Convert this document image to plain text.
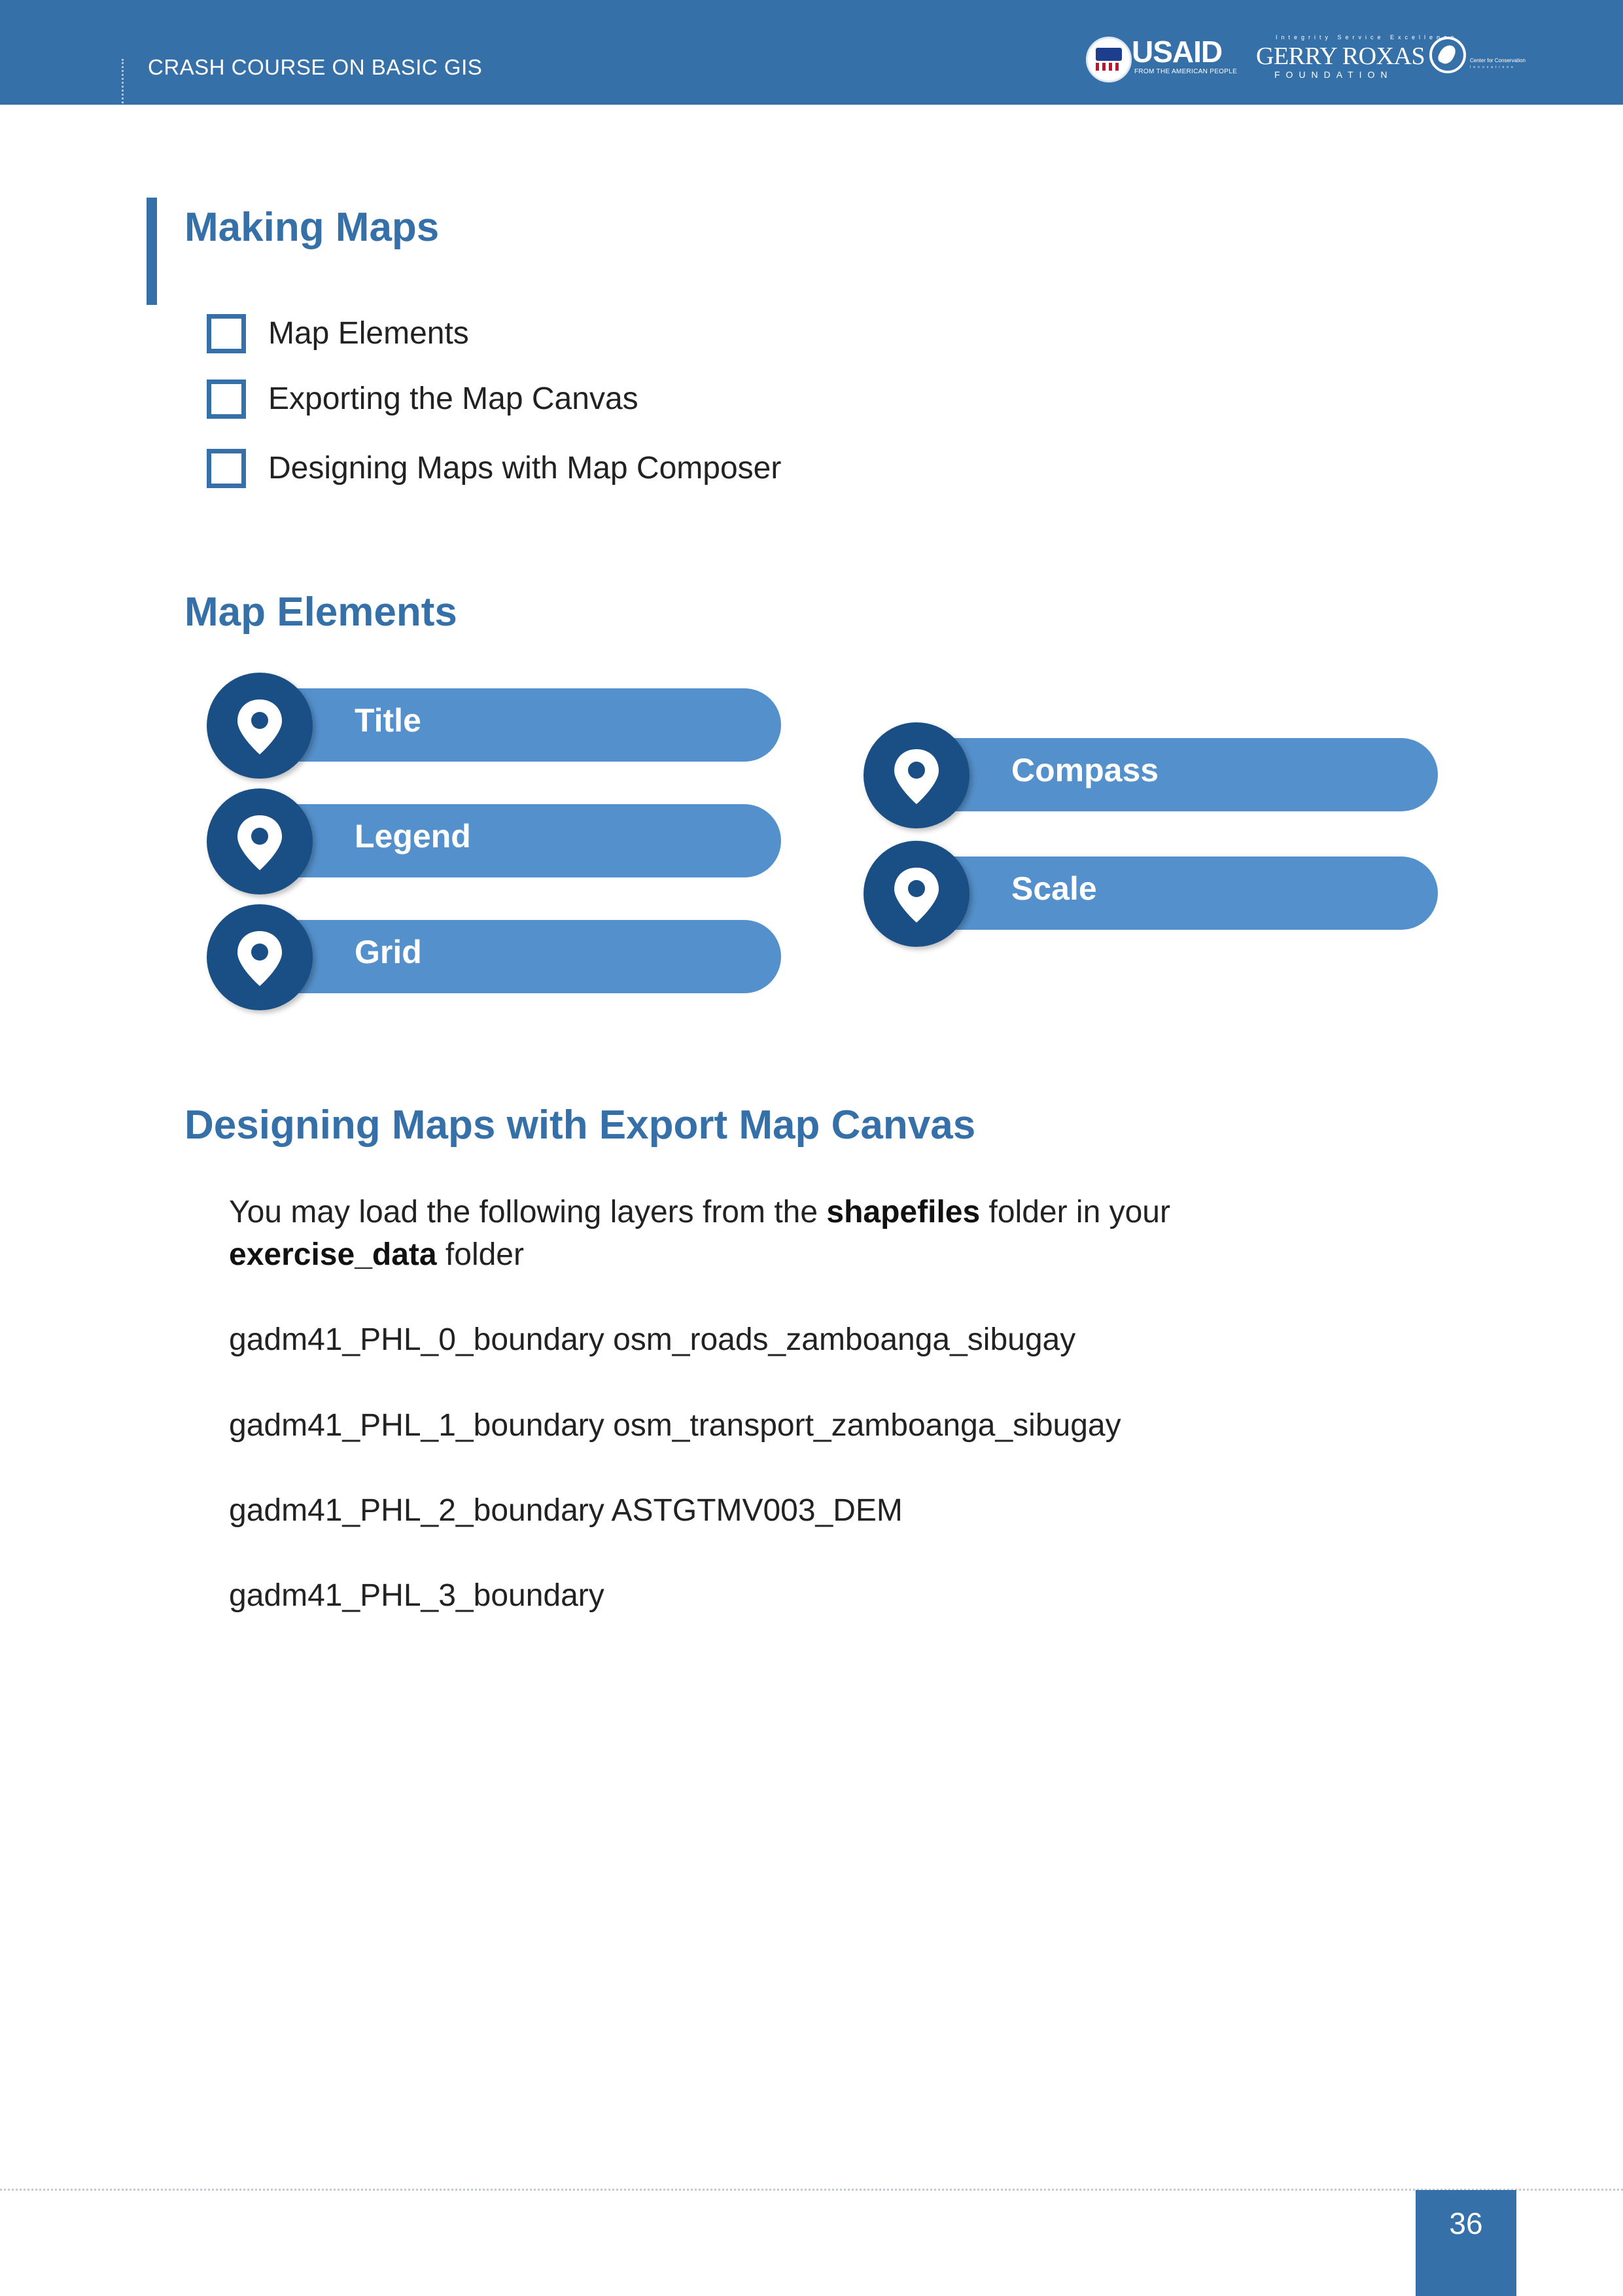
CRASH COURSE ON BASIC GIS	USAID
FROM THE AMERICAN PEOPLE
Integrity Service Excellence
GERRY ROXAS
FOUNDATION
Center for Conservation
Innovations
Making Maps
Map Elements
Exporting the Map Canvas
Designing Maps with Map Composer
Map Elements
Title
Legend
Grid
Compass
Scale
Designing Maps with Export Map Canvas
You may load the following layers from the shapefiles folder in your
exercise_data folder
gadm41_PHL_0_boundary osm_roads_zamboanga_sibugay
gadm41_PHL_1_boundary osm_transport_zamboanga_sibugay
gadm41_PHL_2_boundary ASTGTMV003_DEM
gadm41_PHL_3_boundary
36
